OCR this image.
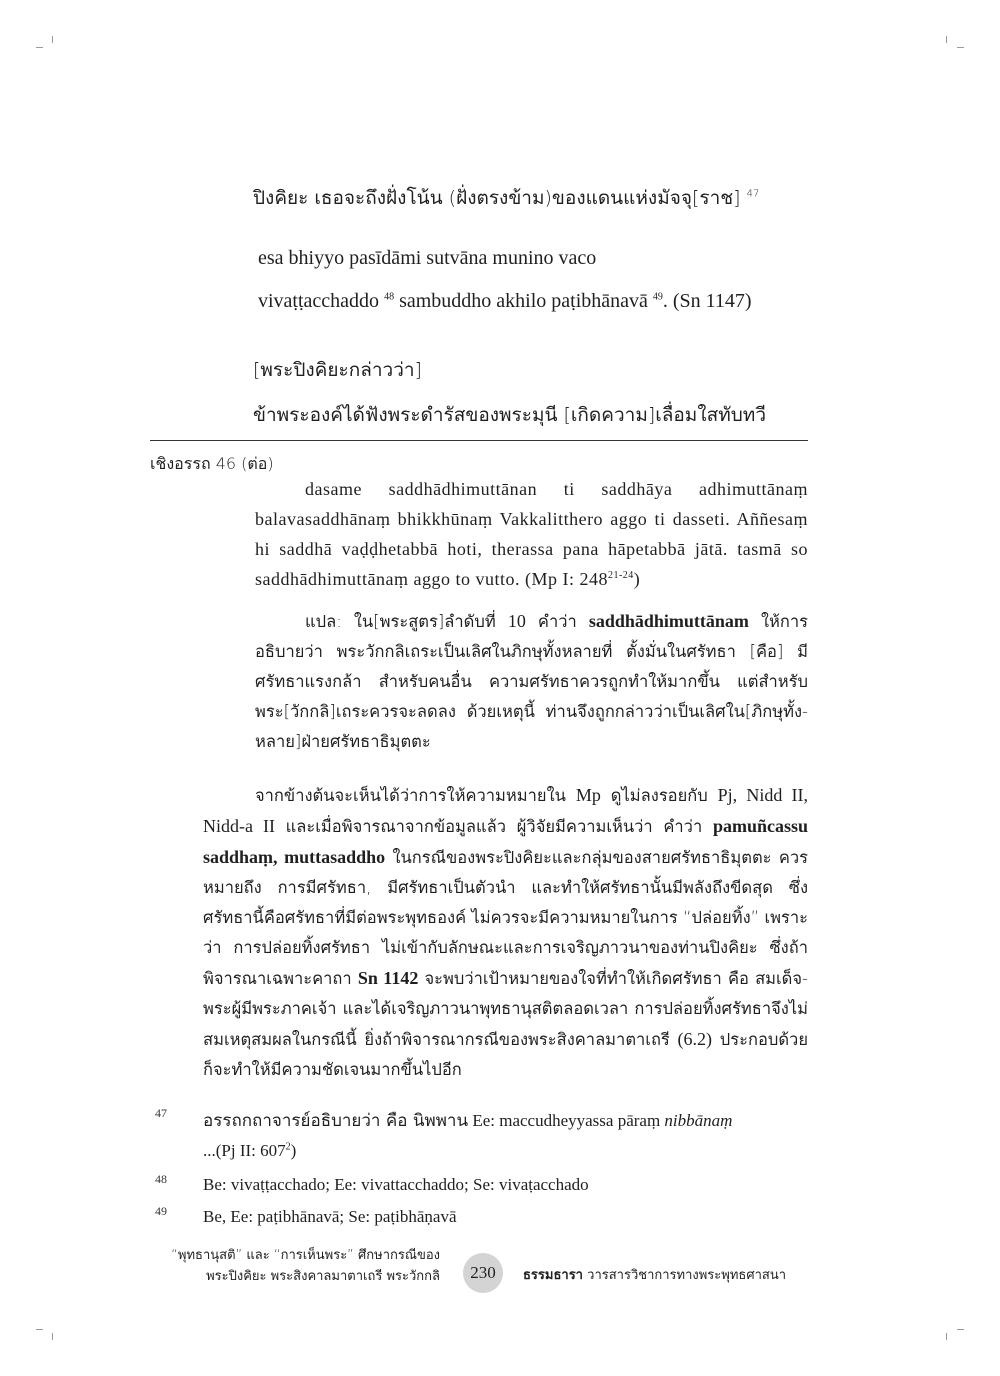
ปิงคิยะ เธอจะถึงฝั่งโน้น (ฝั่งตรงข้าม)ของแดนแห่งมัจจุ[ราช] $^{47}$
esa bhiyyo pasīdāmi sutvāna munino vaco
vivaṭṭacchaddo $^{48}$ sambuddho akhilo paṭibhānavā $^{49}$. (Sn 1147)
[พระปิงคิยะกล่าวว่า]
ข้าพระองค์ได้ฟังพระดำรัสของพระมุนี [เกิดความ]เลื่อมใสทับทวี
เชิงอรรถ 46 (ต่อ)

dasame saddhādhimuttānan ti saddhāya adhimuttānaṃ balavasaddhānaṃ bhikkhūnaṃ Vakkalitthero aggo ti dasseti. Aññesaṃ hi saddhā vaḍḍhetabbā hoti, therassa pana hāpetabbā jātā. tasmā so saddhādhimuttānaṃ aggo to vutto. (Mp I: 248$^{21-24}$)

แปล: ใน[พระสูตร]ลำดับที่ 10 คำว่า saddhādhimuttānam ให้การอธิบายว่า พระวักกลิเถระเป็นเลิศในภิกษุทั้งหลายที่ ตั้งมั่นในศรัทธา [คือ] มีศรัทธาแรงกล้า สำหรับคนอื่น ความศรัทธาควรถูกทำให้มากขึ้น แต่สำหรับพระ[วักกลิ]เถระควรจะลดลง ด้วยเหตุนี้ ท่านจึงถูกกล่าวว่าเป็นเลิศใน[ภิกษุทั้ง-หลาย]ฝ่ายศรัทธาธิมุตตะ
จากข้างต้นจะเห็นได้ว่าการให้ความหมายใน Mp ดูไม่ลงรอยกับ Pj, Nidd II, Nidd-a II และเมื่อพิจารณาจากข้อมูลแล้ว ผู้วิจัยมีความเห็นว่า คำว่า pamuñcassu saddhaṃ, muttasaddho ในกรณีของพระปิงคิยะและกลุ่มของสายศรัทธาธิมุตตะ ควรหมายถึง การมีศรัทธา, มีศรัทธาเป็นตัวนำ และทำให้ศรัทธานั้นมีพลังถึงขีดสุด ซึ่งศรัทธานี้คือศรัทธาที่มีต่อพระพุทธองค์ ไม่ควรจะมีความหมายในการ “ปล่อยทิ้ง” เพราะว่า การปล่อยทิ้งศรัทธา ไม่เข้ากับลักษณะและการเจริญภาวนาของท่านปิงคิยะ ซึ่งถ้าพิจารณาเฉพาะคาถา Sn 1142 จะพบว่าเป้าหมายของใจที่ทำให้เกิดศรัทธา คือ สมเด็จ-พระผู้มีพระภาคเจ้า และได้เจริญภาวนาพุทธานุสติตลอดเวลา การปล่อยทิ้งศรัทธาจึงไม่สมเหตุสมผลในกรณีนี้ ยิ่งถ้าพิจารณากรณีของพระสิงคาลมาตาเถรี (6.2) ประกอบด้วยก็จะทำให้มีความชัดเจนมากขึ้นไปอีก
47 อรรถกถาจารย์อธิบายว่า คือ นิพพาน Ee: maccudheyyassa pāraṃ nibbānaṃ
...(Pj II: $607^2$)
48 Be: vivaṭṭacchado; Ee: vivattacchaddo; Se: vivaṭacchado
49 Be, Ee: paṭibhānavā; Se: paṭibhāṇavā
“พุทธานุสติ” และ “การเห็นพระ” ศึกษากรณีของ
พระปิงคิยะ พระสิงคาลมาตาเถรี พระวักกลิ 230 ธรรมธารา วารสารวิชาการทางพระพุทธศาสนา
